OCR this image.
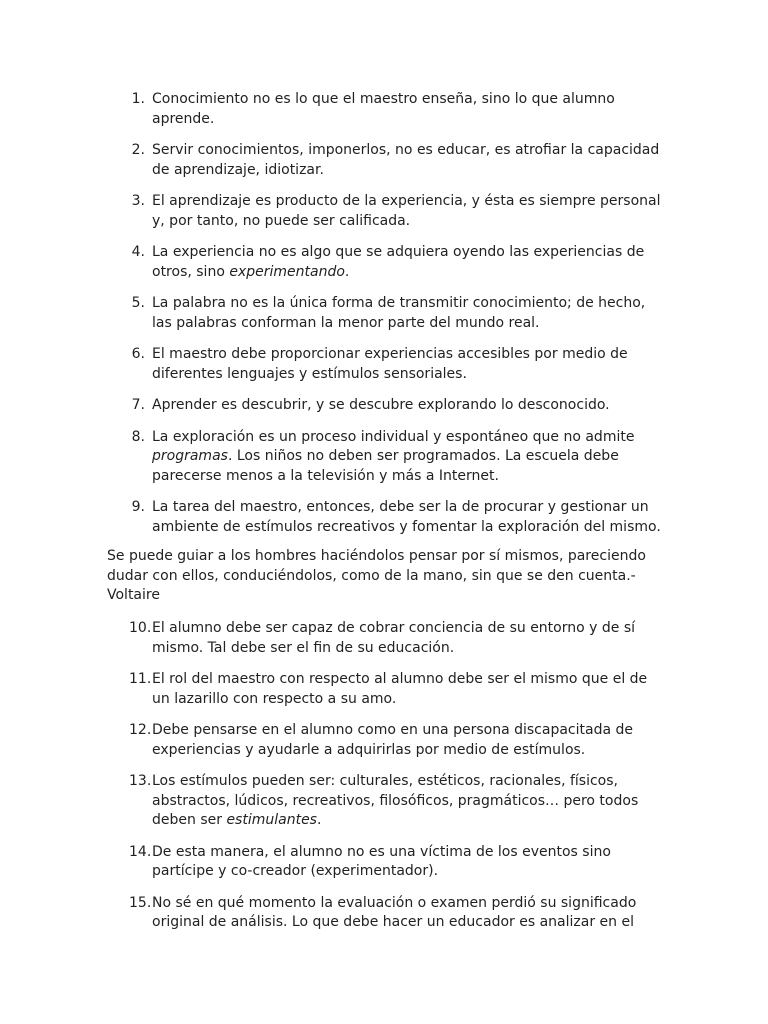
1. Conocimiento no es lo que el maestro enseña, sino lo que alumno aprende.
2. Servir conocimientos, imponerlos, no es educar, es atrofiar la capacidad de aprendizaje, idiotizar.
3. El aprendizaje es producto de la experiencia, y ésta es siempre personal y, por tanto, no puede ser calificada.
4. La experiencia no es algo que se adquiera oyendo las experiencias de otros, sino experimentando.
5. La palabra no es la única forma de transmitir conocimiento; de hecho, las palabras conforman la menor parte del mundo real.
6. El maestro debe proporcionar experiencias accesibles por medio de diferentes lenguajes y estímulos sensoriales.
7. Aprender es descubrir, y se descubre explorando lo desconocido.
8. La exploración es un proceso individual y espontáneo que no admite programas. Los niños no deben ser programados. La escuela debe parecerse menos a la televisión y más a Internet.
9. La tarea del maestro, entonces, debe ser la de procurar y gestionar un ambiente de estímulos recreativos y fomentar la exploración del mismo.

Se puede guiar a los hombres haciéndolos pensar por sí mismos, pareciendo dudar con ellos, conduciéndolos, como de la mano, sin que se den cuenta.- Voltaire

10. El alumno debe ser capaz de cobrar conciencia de su entorno y de sí mismo. Tal debe ser el fin de su educación.
11. El rol del maestro con respecto al alumno debe ser el mismo que el de un lazarillo con respecto a su amo.
12. Debe pensarse en el alumno como en una persona discapacitada de experiencias y ayudarle a adquirirlas por medio de estímulos.
13. Los estímulos pueden ser: culturales, estéticos, racionales, físicos, abstractos, lúdicos, recreativos, filosóficos, pragmáticos… pero todos deben ser estimulantes.
14. De esta manera, el alumno no es una víctima de los eventos sino partícipe y co-creador (experimentador).
15. No sé en qué momento la evaluación o examen perdió su significado original de análisis. Lo que debe hacer un educador es analizar en el
